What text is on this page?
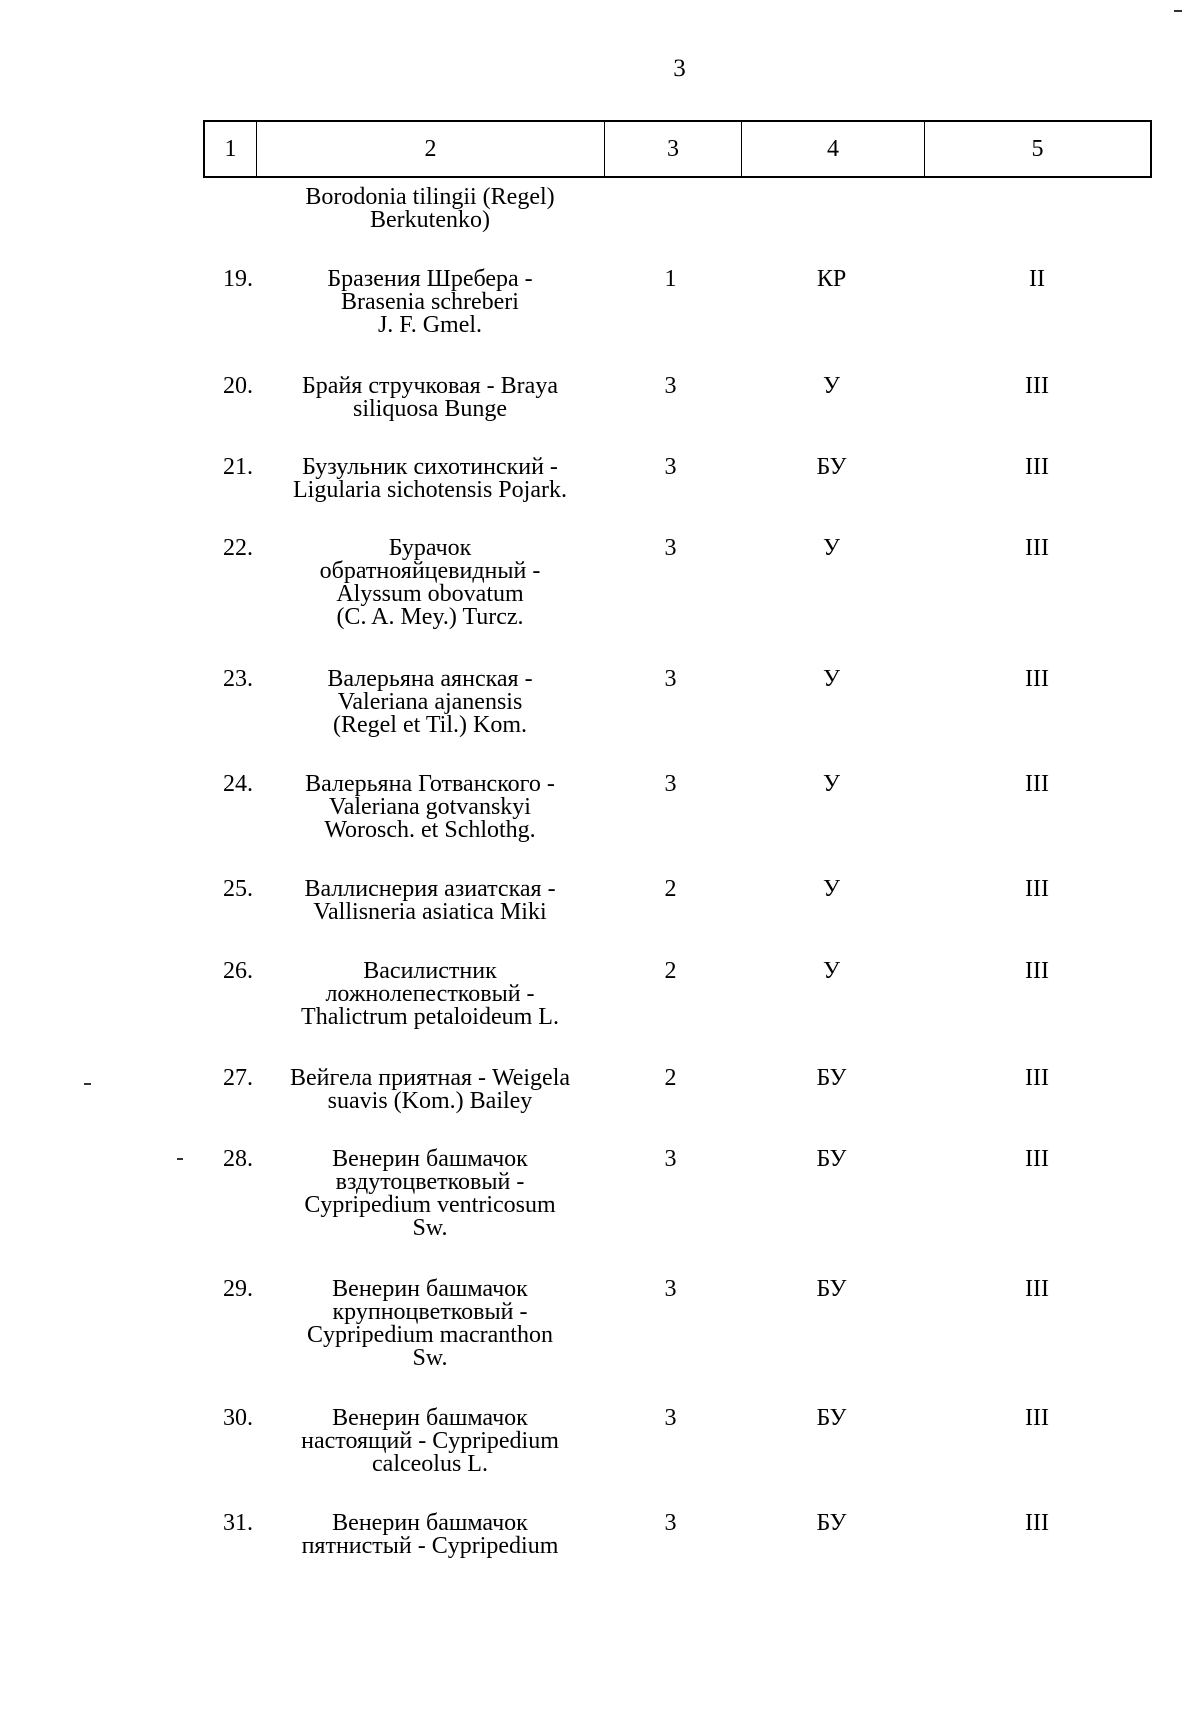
3
1	2	3	4	5
Borodonia tilingii (Regel)
Berkutenko)
19.	Бразения Шребера -
Brasenia schreberi
J. F. Gmel.
1	КР	II
20.	Брайя стручковая - Braya
siliquosa Bunge
3	У	III
21.	Бузульник сихотинский -
Ligularia sichotensis Pojark.
3	БУ	III
22.	Бурачок
обратнояйцевидный -
Alyssum obovatum
(C. A. Mey.) Turcz.
3	У	III
23.	Валерьяна аянская -
Valeriana ajanensis
(Regel et Til.) Kom.
3	У	III
24.	Валерьяна Готванского -
Valeriana gotvanskyi
Worosch. et Schlothg.
3	У	III
25.	Валлиснерия азиатская -
Vallisneria asiatica Miki
2	У	III
26.	Василистник
ложнолепестковый -
Thalictrum petaloideum L.
2	У	III
27.	Вейгела приятная - Weigela
suavis (Kom.) Bailey
2	БУ	III
28.	Венерин башмачок
вздутоцветковый -
Cypripedium ventricosum
Sw.
3	БУ	III
29.	Венерин башмачок
крупноцветковый -
Cypripedium macranthon
Sw.
3	БУ	III
30.	Венерин башмачок
настоящий - Cypripedium
calceolus L.
3	БУ	III
31.	Венерин башмачок
пятнистый - Cypripedium
3	БУ	III
